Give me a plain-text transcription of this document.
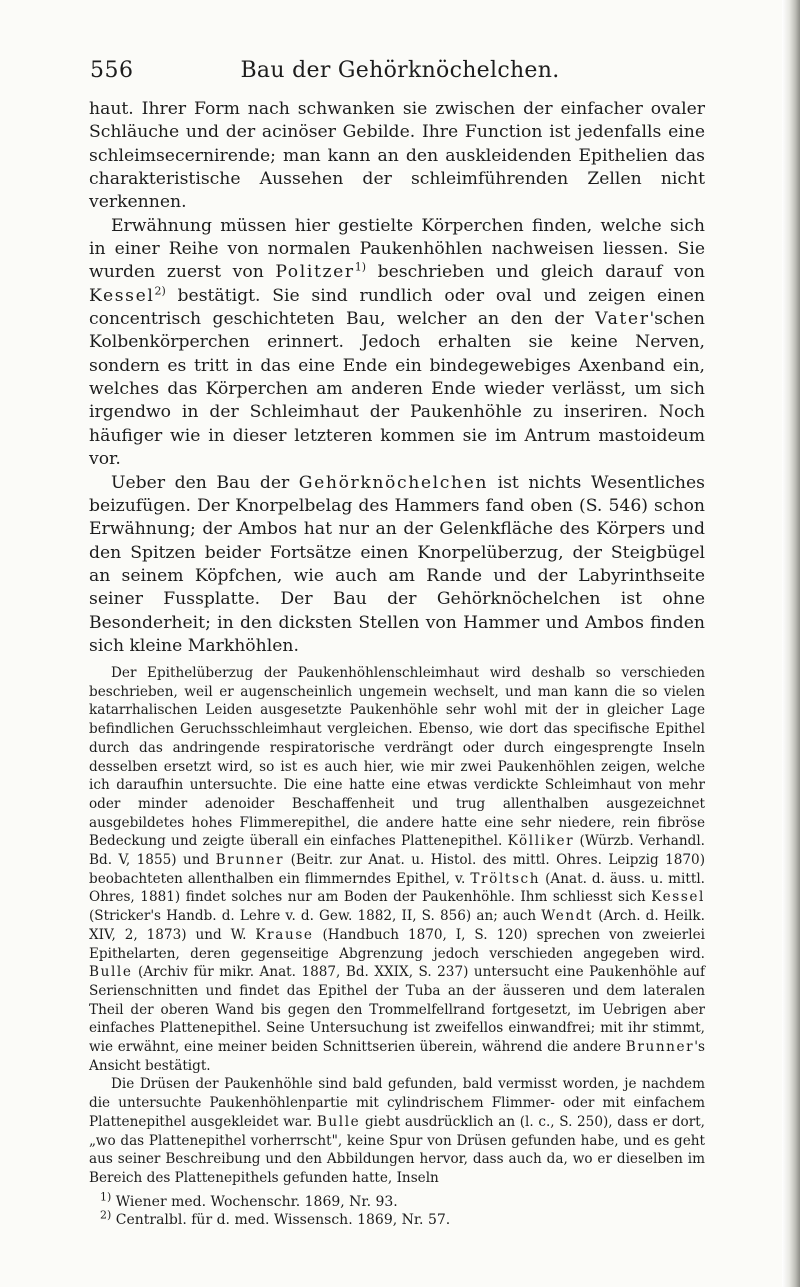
556	Bau der Gehörknöchelchen.

haut. Ihrer Form nach schwanken sie zwischen der einfacher ovaler Schläuche und der acinöser Gebilde. Ihre Function ist jedenfalls eine schleimsecernirende; man kann an den auskleidenden Epithelien das charakteristische Aussehen der schleimführenden Zellen nicht verkennen.

Erwähnung müssen hier gestielte Körperchen finden, welche sich in einer Reihe von normalen Paukenhöhlen nachweisen liessen. Sie wurden zuerst von Politzer$^{1)}$ beschrieben und gleich darauf von Kessel$^{2)}$ bestätigt. Sie sind rundlich oder oval und zeigen einen concentrisch geschichteten Bau, welcher an den der Vater'schen Kolbenkörperchen erinnert. Jedoch erhalten sie keine Nerven, sondern es tritt in das eine Ende ein bindegewebiges Axenband ein, welches das Körperchen am anderen Ende wieder verlässt, um sich irgendwo in der Schleimhaut der Paukenhöhle zu inseriren. Noch häufiger wie in dieser letzteren kommen sie im Antrum mastoideum vor.

Ueber den Bau der Gehörknöchelchen ist nichts Wesentliches beizufügen. Der Knorpelbelag des Hammers fand oben (S. 546) schon Erwähnung; der Ambos hat nur an der Gelenkfläche des Körpers und den Spitzen beider Fortsätze einen Knorpelüberzug, der Steigbügel an seinem Köpfchen, wie auch am Rande und der Labyrinthseite seiner Fussplatte. Der Bau der Gehörknöchelchen ist ohne Besonderheit; in den dicksten Stellen von Hammer und Ambos finden sich kleine Markhöhlen.

Der Epithelüberzug der Paukenhöhlenschleimhaut wird deshalb so verschieden beschrieben, weil er augenscheinlich ungemein wechselt, und man kann die so vielen katarrhalischen Leiden ausgesetzte Paukenhöhle sehr wohl mit der in gleicher Lage befindlichen Geruchsschleimhaut vergleichen. Ebenso, wie dort das specifische Epithel durch das andringende respiratorische verdrängt oder durch eingesprengte Inseln desselben ersetzt wird, so ist es auch hier, wie mir zwei Paukenhöhlen zeigen, welche ich daraufhin untersuchte. Die eine hatte eine etwas verdickte Schleimhaut von mehr oder minder adenoider Beschaffenheit und trug allenthalben ausgezeichnet ausgebildetes hohes Flimmerepithel, die andere hatte eine sehr niedere, rein fibröse Bedeckung und zeigte überall ein einfaches Plattenepithel. Kölliker (Würzb. Verhandl. Bd. V, 1855) und Brunner (Beitr. zur Anat. u. Histol. des mittl. Ohres. Leipzig 1870) beobachteten allenthalben ein flimmerndes Epithel, v. Tröltsch (Anat. d. äuss. u. mittl. Ohres, 1881) findet solches nur am Boden der Paukenhöhle. Ihm schliesst sich Kessel (Stricker's Handb. d. Lehre v. d. Gew. 1882, II, S. 856) an; auch Wendt (Arch. d. Heilk. XIV, 2, 1873) und W. Krause (Handbuch 1870, I, S. 120) sprechen von zweierlei Epithelarten, deren gegenseitige Abgrenzung jedoch verschieden angegeben wird. Bulle (Archiv für mikr. Anat. 1887, Bd. XXIX, S. 237) untersucht eine Paukenhöhle auf Serienschnitten und findet das Epithel der Tuba an der äusseren und dem lateralen Theil der oberen Wand bis gegen den Trommelfellrand fortgesetzt, im Uebrigen aber einfaches Plattenepithel. Seine Untersuchung ist zweifellos einwandfrei; mit ihr stimmt, wie erwähnt, eine meiner beiden Schnittserien überein, während die andere Brunner's Ansicht bestätigt.

Die Drüsen der Paukenhöhle sind bald gefunden, bald vermisst worden, je nachdem die untersuchte Paukenhöhlenpartie mit cylindrischem Flimmer- oder mit einfachem Plattenepithel ausgekleidet war. Bulle giebt ausdrücklich an (l. c., S. 250), dass er dort, „wo das Plattenepithel vorherrscht", keine Spur von Drüsen gefunden habe, und es geht aus seiner Beschreibung und den Abbildungen hervor, dass auch da, wo er dieselben im Bereich des Plattenepithels gefunden hatte, Inseln

$^{1)}$ Wiener med. Wochenschr. 1869, Nr. 93.

$^{2)}$ Centralbl. für d. med. Wissensch. 1869, Nr. 57.
